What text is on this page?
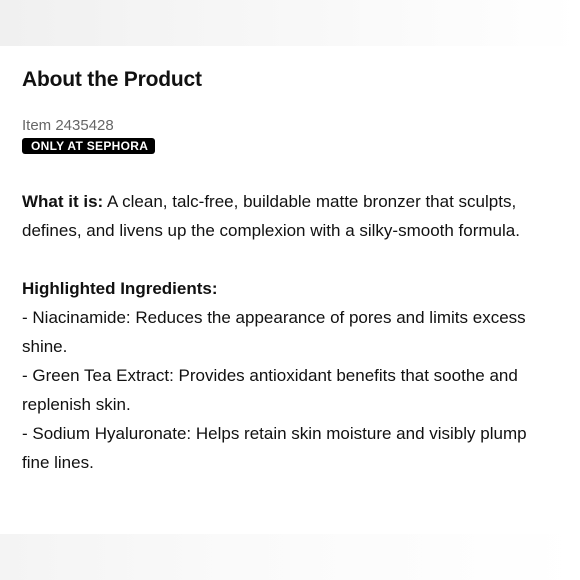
About the Product
Item 2435428
ONLY AT SEPHORA
What it is: A clean, talc-free, buildable matte bronzer that sculpts, defines, and livens up the complexion with a silky-smooth formula.
Highlighted Ingredients:
- Niacinamide: Reduces the appearance of pores and limits excess shine.
- Green Tea Extract: Provides antioxidant benefits that soothe and replenish skin.
- Sodium Hyaluronate: Helps retain skin moisture and visibly plump fine lines.
